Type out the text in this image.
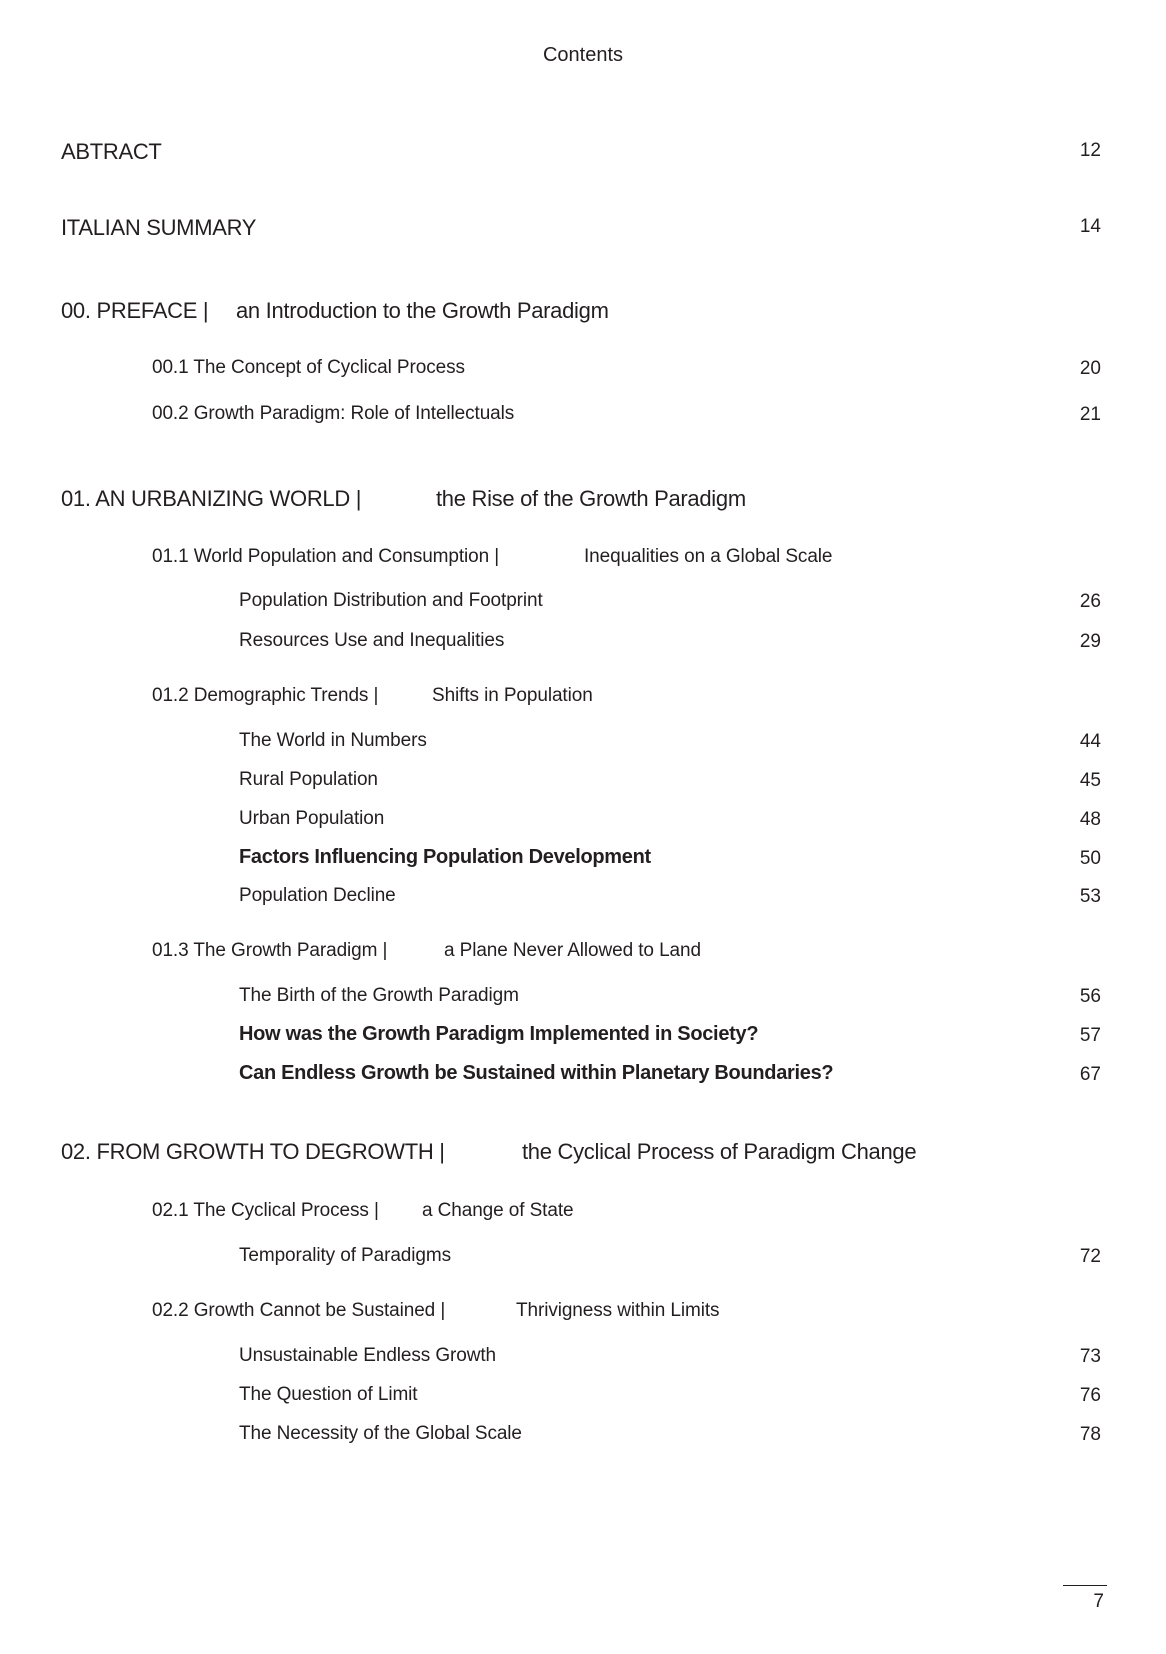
Contents
ABTRACT	12
ITALIAN SUMMARY	14
00. PREFACE | an Introduction to the Growth Paradigm
00.1 The Concept of Cyclical Process	20
00.2 Growth Paradigm: Role of Intellectuals	21
01. AN URBANIZING WORLD |	the Rise of the Growth Paradigm
01.1 World Population and Consumption |	Inequalities on a Global Scale
Population Distribution and Footprint	26
Resources Use and Inequalities	29
01.2 Demographic Trends |	Shifts in Population
The World in Numbers	44
Rural Population	45
Urban Population	48
Factors Influencing Population Development	50
Population Decline	53
01.3 The Growth Paradigm |	a Plane Never Allowed to Land
The Birth of the Growth Paradigm	56
How was the Growth Paradigm Implemented in Society?	57
Can Endless Growth be Sustained within Planetary Boundaries?	67
02. FROM GROWTH TO DEGROWTH |	the Cyclical Process of Paradigm Change
02.1 The Cyclical Process | a Change of State
Temporality of Paradigms	72
02.2 Growth Cannot be Sustained |	Thrivigness within Limits
Unsustainable Endless Growth	73
The Question of Limit	76
The Necessity of the Global Scale	78
7
